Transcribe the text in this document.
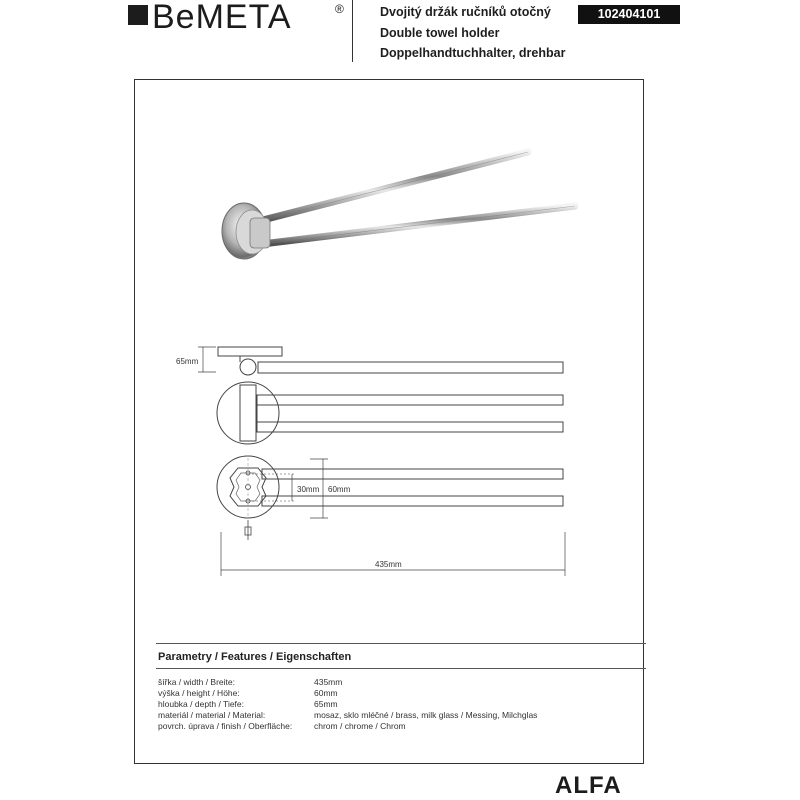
BeMETA	®	Dvojitý držák ručníků otočný
Double towel holder
Doppelhandtuchhalter, drehbar
102404101
65mm
30mm 60mm
435mm
Parametry / Features / Eigenschaften
šířka / width / Breite:	435mm
výška / height / Höhe:	60mm
hloubka / depth / Tiefe:	65mm
materiál / material / Material:	mosaz, sklo mléčné / brass, milk glass / Messing, Milchglas
povrch. úprava / finish / Oberfläche:	chrom / chrome / Chrom
ALFA
